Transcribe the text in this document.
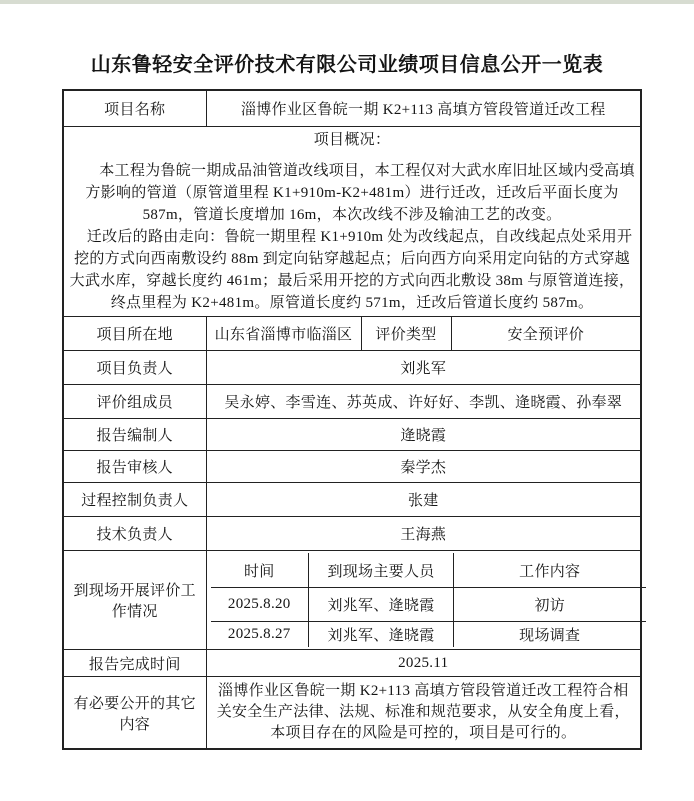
山东鲁轻安全评价技术有限公司业绩项目信息公开一览表
项目名称	淄博作业区鲁皖一期 K2+113 高填方管段管道迁改工程

项目概况：

本工程为鲁皖一期成品油管道改线项目，本工程仅对大武水库旧址区域内受高填方影响的管道（原管道里程 K1+910m-K2+481m）进行迁改，迁改后平面长度为 587m，管道长度增加 16m，本次改线不涉及输油工艺的改变。

迁改后的路由走向：鲁皖一期里程 K1+910m 处为改线起点，自改线起点处采用开挖的方式向西南敷设约 88m 到定向钻穿越起点；后向西方向采用定向钻的方式穿越大武水库，穿越长度约 461m；最后采用开挖的方式向西北敷设 38m 与原管道连接，终点里程为 K2+481m。原管道长度约 571m，迁改后管道长度约 587m。

项目所在地	山东省淄博市临淄区	评价类型	安全预评价
项目负责人	刘兆军
评价组成员	吴永婷、李雪连、苏英成、许好好、李凯、逄晓霞、孙奉翠
报告编制人	逄晓霞
报告审核人	秦学杰
过程控制负责人	张建
技术负责人	王海燕
到现场开展评价工作情况	
时间	到现场主要人员	工作内容
2025.8.20	刘兆军、逄晓霞	初访
2025.8.27	刘兆军、逄晓霞	现场调查

报告完成时间	2025.11
有必要公开的其它内容	淄博作业区鲁皖一期 K2+113 高填方管段管道迁改工程符合相关安全生产法律、法规、标准和规范要求，从安全角度上看，本项目存在的风险是可控的，项目是可行的。
